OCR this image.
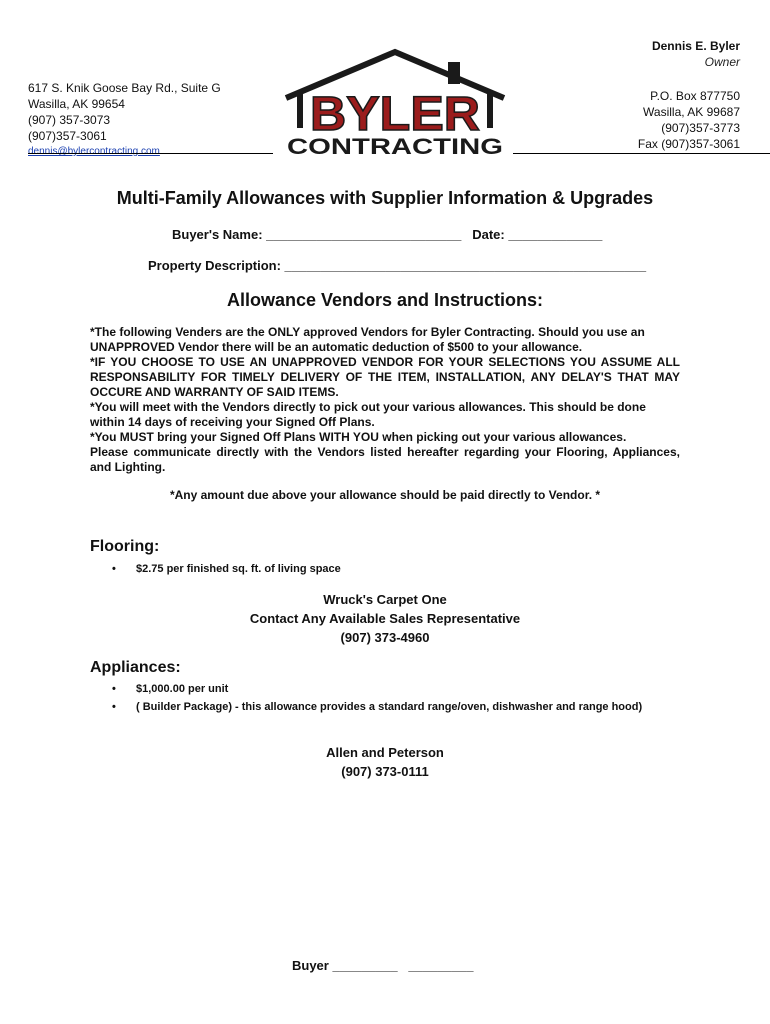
Dennis E. Byler
Owner
617 S. Knik Goose Bay Rd., Suite G
Wasilla, AK 99654
(907) 357-3073
(907)357-3061
dennis@bylercontracting.com
P.O. Box 877750
Wasilla, AK 99687
(907)357-3773
Fax (907)357-3061
BYLER
CONTRACTING
Multi-Family Allowances with Supplier Information & Upgrades
Buyer's Name: ___________________________ Date: _____________
Property Description: __________________________________________________
Allowance Vendors and Instructions:

*The following Venders are the ONLY approved Vendors for Byler Contracting. Should you use an UNAPPROVED Vendor there will be an automatic deduction of $500 to your allowance.

*IF YOU CHOOSE TO USE AN UNAPPROVED VENDOR FOR YOUR SELECTIONS YOU ASSUME ALL RESPONSABILITY FOR TIMELY DELIVERY OF THE ITEM, INSTALLATION, ANY DELAY'S THAT MAY OCCURE AND WARRANTY OF SAID ITEMS.

*You will meet with the Vendors directly to pick out your various allowances. This should be done within 14 days of receiving your Signed Off Plans.

*You MUST bring your Signed Off Plans WITH YOU when picking out your various allowances.

Please communicate directly with the Vendors listed hereafter regarding your Flooring, Appliances, and Lighting.

*Any amount due above your allowance should be paid directly to Vendor. *
Flooring:
• $2.75 per finished sq. ft. of living space
Wruck's Carpet One
Contact Any Available Sales Representative
(907) 373-4960
Appliances:
• $1,000.00 per unit
• ( Builder Package) - this allowance provides a standard range/oven, dishwasher and range hood)
Allen and Peterson
(907) 373-0111
Buyer _________ _________
